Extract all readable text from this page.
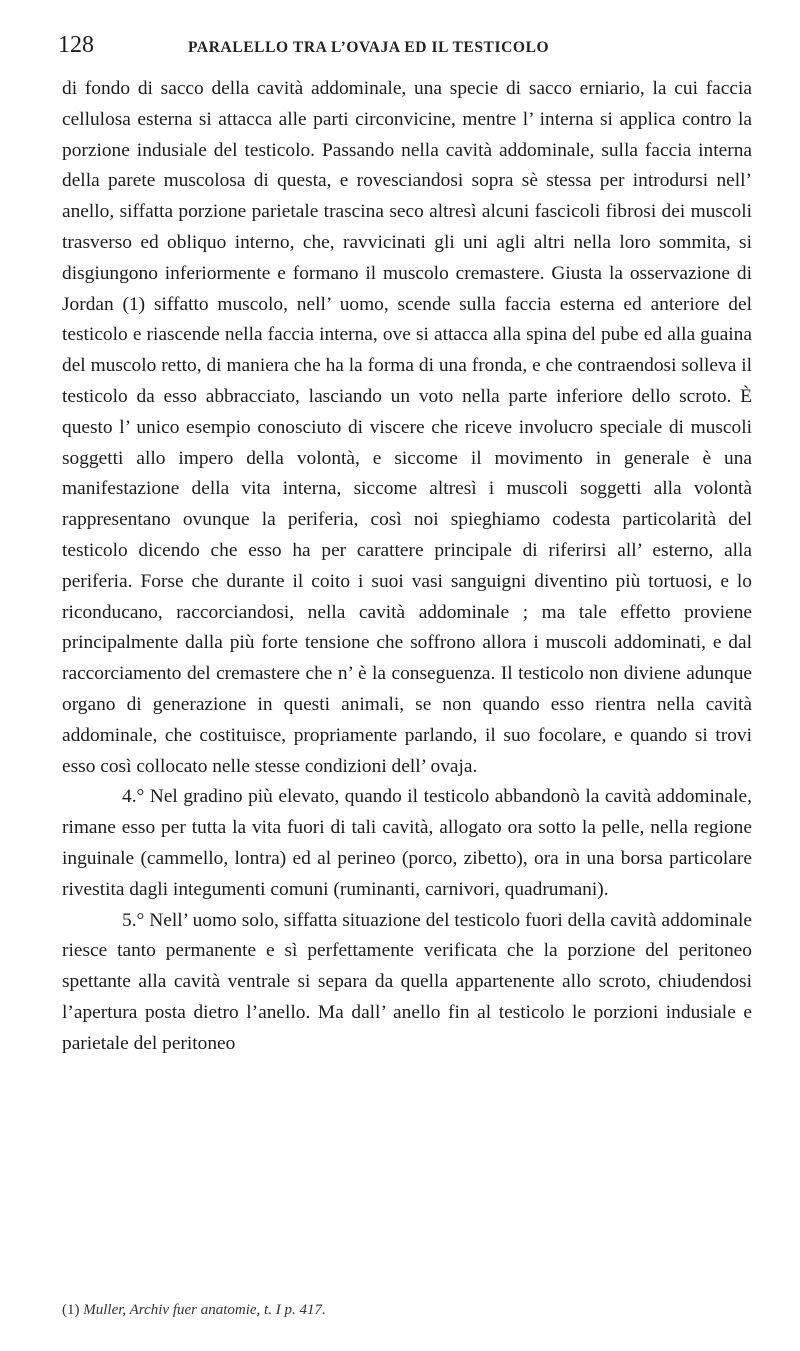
128	PARALELLO TRA L’OVAJA ED IL TESTICOLO

di fondo di sacco della cavità addominale, una specie di sacco erniario, la cui faccia cellulosa esterna si attacca alle parti circonvicine, mentre l’ interna si applica contro la porzione indusiale del testicolo. Passando nella cavità addominale, sulla faccia interna della parete muscolosa di questa, e rovesciandosi sopra sè stessa per introdursi nell’ anello, siffatta porzione parietale trascina seco altresì alcuni fascicoli fibrosi dei muscoli trasverso ed obliquo interno, che, ravvicinati gli uni agli altri nella loro sommita, si disgiungono inferiormente e formano il muscolo cremastere. Giusta la osservazione di Jordan (1) siffatto muscolo, nell’ uomo, scende sulla faccia esterna ed anteriore del testicolo e riascende nella faccia interna, ove si attacca alla spina del pube ed alla guaina del muscolo retto, di maniera che ha la forma di una fronda, e che contraendosi solleva il testicolo da esso abbracciato, lasciando un voto nella parte inferiore dello scroto. È questo l’ unico esempio conosciuto di viscere che riceve involucro speciale di muscoli soggetti allo impero della volontà, e siccome il movimento in generale è una manifestazione della vita interna, siccome altresì i muscoli soggetti alla volontà rappresentano ovunque la periferia, così noi spieghiamo codesta particolarità del testicolo dicendo che esso ha per carattere principale di riferirsi all’ esterno, alla periferia. Forse che durante il coito i suoi vasi sanguigni diventino più tortuosi, e lo riconducano, raccorciandosi, nella cavità addominale ; ma tale effetto proviene principalmente dalla più forte tensione che soffrono allora i muscoli addominati, e dal raccorciamento del cremastere che n’ è la conseguenza. Il testicolo non diviene adunque organo di generazione in questi animali, se non quando esso rientra nella cavità addominale, che costituisce, propriamente parlando, il suo focolare, e quando si trovi esso così collocato nelle stesse condizioni dell’ ovaja.

4.° Nel gradino più elevato, quando il testicolo abbandonò la cavità addominale, rimane esso per tutta la vita fuori di tali cavità, allogato ora sotto la pelle, nella regione inguinale (cammello, lontra) ed al perineo (porco, zibetto), ora in una borsa particolare rivestita dagli integumenti comuni (ruminanti, carnivori, quadrumani).

5.° Nell’ uomo solo, siffatta situazione del testicolo fuori della cavità addominale riesce tanto permanente e sì perfettamente verificata che la porzione del peritoneo spettante alla cavità ventrale si separa da quella appartenente allo scroto, chiudendosi l’apertura posta dietro l’anello. Ma dall’ anello fin al testicolo le porzioni indusiale e parietale del peritoneo

(1) Muller, Archiv fuer anatomie, t. I p. 417.
